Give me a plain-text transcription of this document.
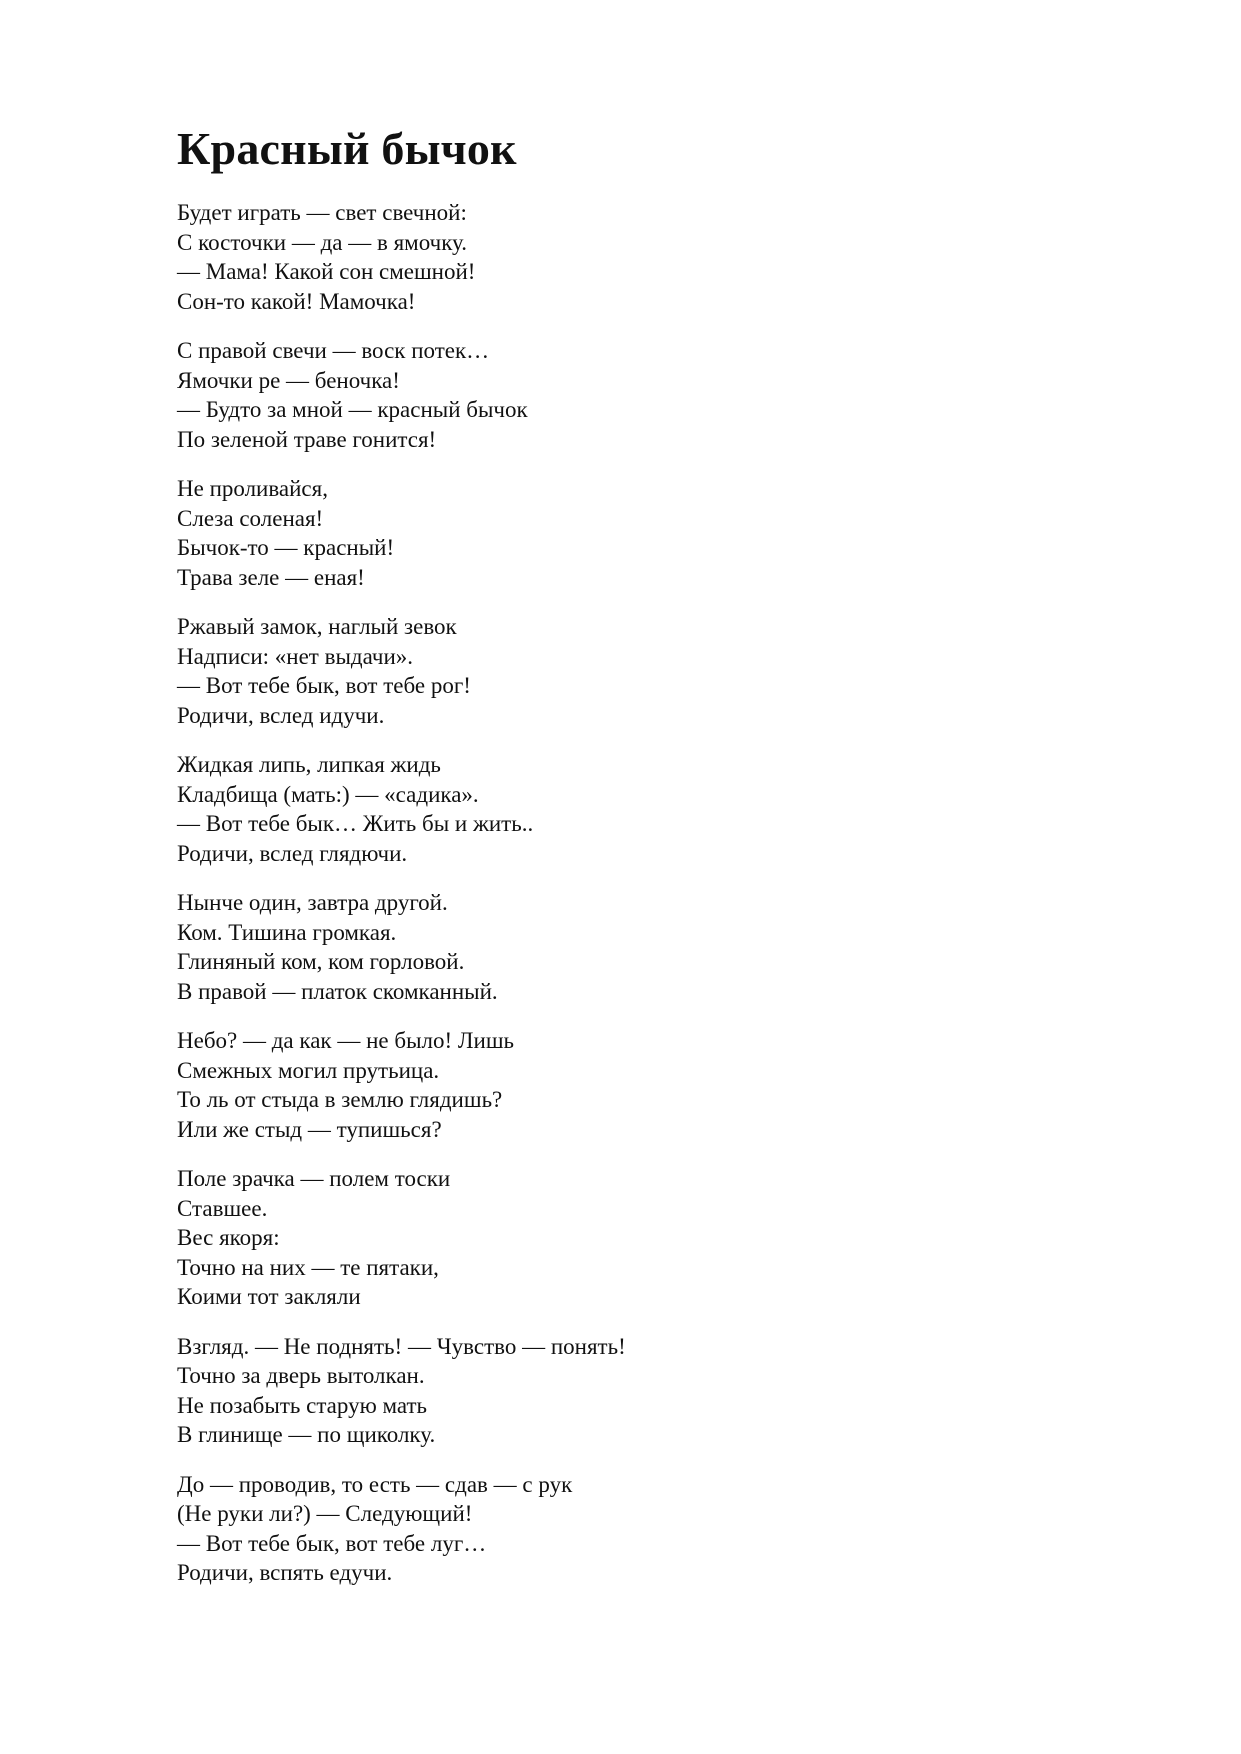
Красный бычок
Будет играть — свет свечной:
С косточки — да — в ямочку.
— Мама! Какой сон смешной!
Сон-то какой! Мамочка!
С правой свечи — воск потек…
Ямочки ре — беночка!
— Будто за мной — красный бычок
По зеленой траве гонится!
Не проливайся,
Слеза соленая!
Бычок-то — красный!
Трава зеле — еная!
Ржавый замок, наглый зевок
Надписи: «нет выдачи».
— Вот тебе бык, вот тебе рог!
Родичи, вслед идучи.
Жидкая липь, липкая жидь
Кладбища (мать:) — «садика».
— Вот тебе бык… Жить бы и жить..
Родичи, вслед глядючи.
Нынче один, завтра другой.
Ком. Тишина громкая.
Глиняный ком, ком горловой.
В правой — платок скомканный.
Небо? — да как — не было! Лишь
Смежных могил прутьица.
То ль от стыда в землю глядишь?
Или же стыд — тупишься?
Поле зрачка — полем тоски
Ставшее.
Вес якоря:
Точно на них — те пятаки,
Коими тот закляли
Взгляд. — Не поднять! — Чувство — понять!
Точно за дверь вытолкан.
Не позабыть старую мать
В глинище — по щиколку.
До — проводив, то есть — сдав — с рук
(Не руки ли?) — Следующий!
— Вот тебе бык, вот тебе луг…
Родичи, вспять едучи.
